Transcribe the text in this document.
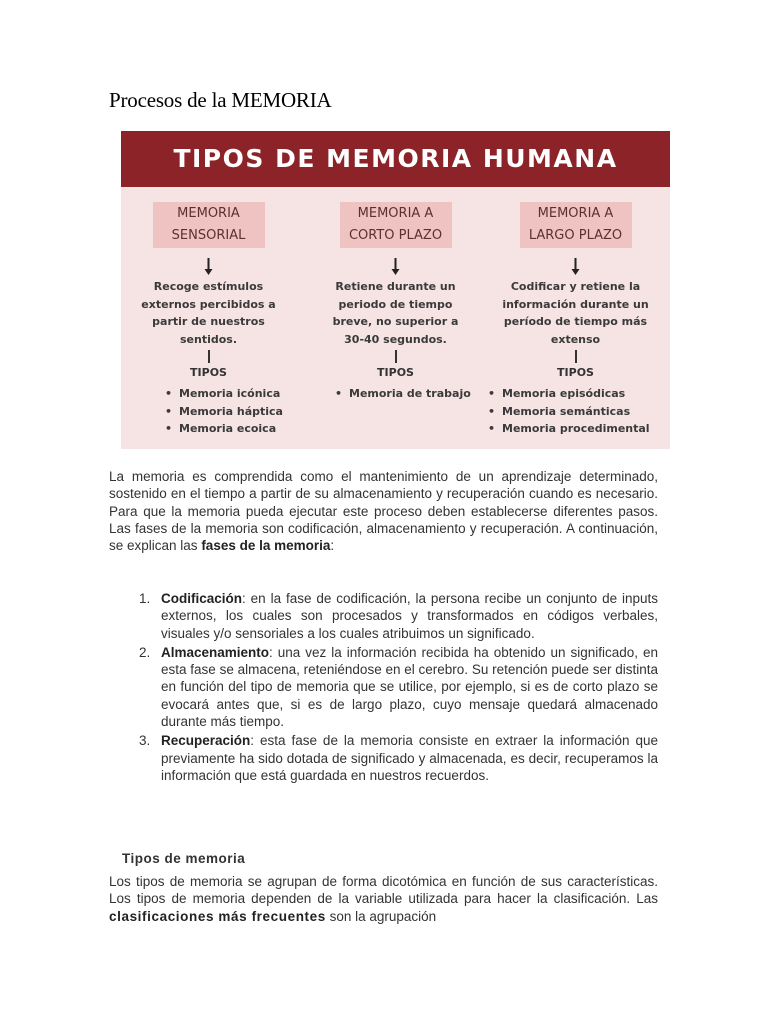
Procesos de la MEMORIA
TIPOS DE MEMORIA HUMANA
MEMORIA
SENSORIAL
Recoge estímulos
externos percibidos a
partir de nuestros
sentidos.
TIPOS
• Memoria icónica
• Memoria háptica
• Memoria ecoica
MEMORIA A
CORTO PLAZO
Retiene durante un
periodo de tiempo
breve, no superior a
30-40 segundos.
TIPOS
• Memoria de trabajo
MEMORIA A
LARGO PLAZO
Codificar y retiene la
información durante un
período de tiempo más
extenso
TIPOS
• Memoria episódicas
• Memoria semánticas
• Memoria procedimental

La memoria es comprendida como el mantenimiento de un aprendizaje determinado, sostenido en el tiempo a partir de su almacenamiento y recuperación cuando es necesario. Para que la memoria pueda ejecutar este proceso deben establecerse diferentes pasos. Las fases de la memoria son codificación, almacenamiento y recuperación. A continuación, se explican las fases de la memoria:

1. Codificación: en la fase de codificación, la persona recibe un conjunto de inputs externos, los cuales son procesados y transformados en códigos verbales, visuales y/o sensoriales a los cuales atribuimos un significado.
2. Almacenamiento: una vez la información recibida ha obtenido un significado, en esta fase se almacena, reteniéndose en el cerebro. Su retención puede ser distinta en función del tipo de memoria que se utilice, por ejemplo, si es de corto plazo se evocará antes que, si es de largo plazo, cuyo mensaje quedará almacenado durante más tiempo.
3. Recuperación: esta fase de la memoria consiste en extraer la información que previamente ha sido dotada de significado y almacenada, es decir, recuperamos la información que está guardada en nuestros recuerdos.
Tipos de memoria

Los tipos de memoria se agrupan de forma dicotómica en función de sus características. Los tipos de memoria dependen de la variable utilizada para hacer la clasificación. Las clasificaciones más frecuentes son la agrupación
